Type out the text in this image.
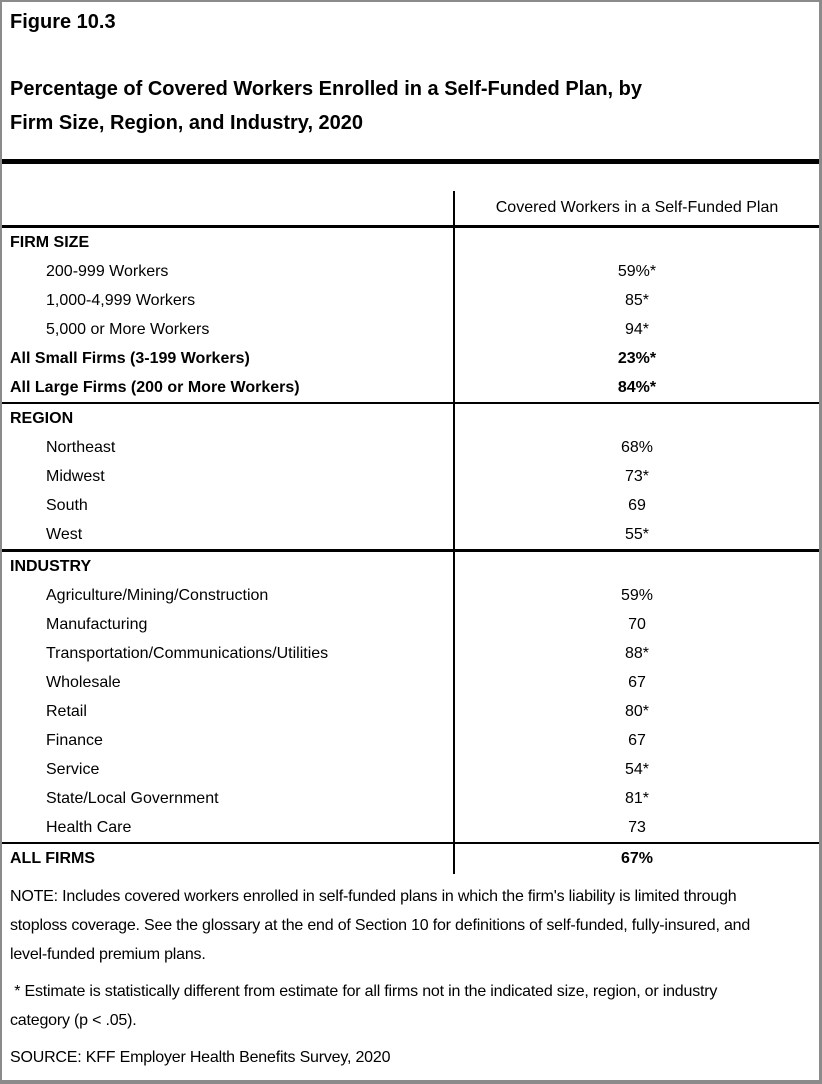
Figure 10.3
Percentage of Covered Workers Enrolled in a Self-Funded Plan, by
Firm Size, Region, and Industry, 2020
Covered Workers in a Self-Funded Plan
FIRM SIZE
200-999 Workers	59%*
1,000-4,999 Workers	85*
5,000 or More Workers	94*
All Small Firms (3-199 Workers)	23%*
All Large Firms (200 or More Workers)	84%*
REGION
Northeast	68%
Midwest	73*
South	69
West	55*
INDUSTRY
Agriculture/Mining/Construction	59%
Manufacturing	70
Transportation/Communications/Utilities	88*
Wholesale	67
Retail	80*
Finance	67
Service	54*
State/Local Government	81*
Health Care	73
ALL FIRMS	67%

NOTE: Includes covered workers enrolled in self-funded plans in which the firm's liability is limited through stoploss coverage. See the glossary at the end of Section 10 for definitions of self-funded, fully-insured, and level-funded premium plans.

* Estimate is statistically different from estimate for all firms not in the indicated size, region, or industry category (p < .05).

SOURCE: KFF Employer Health Benefits Survey, 2020
